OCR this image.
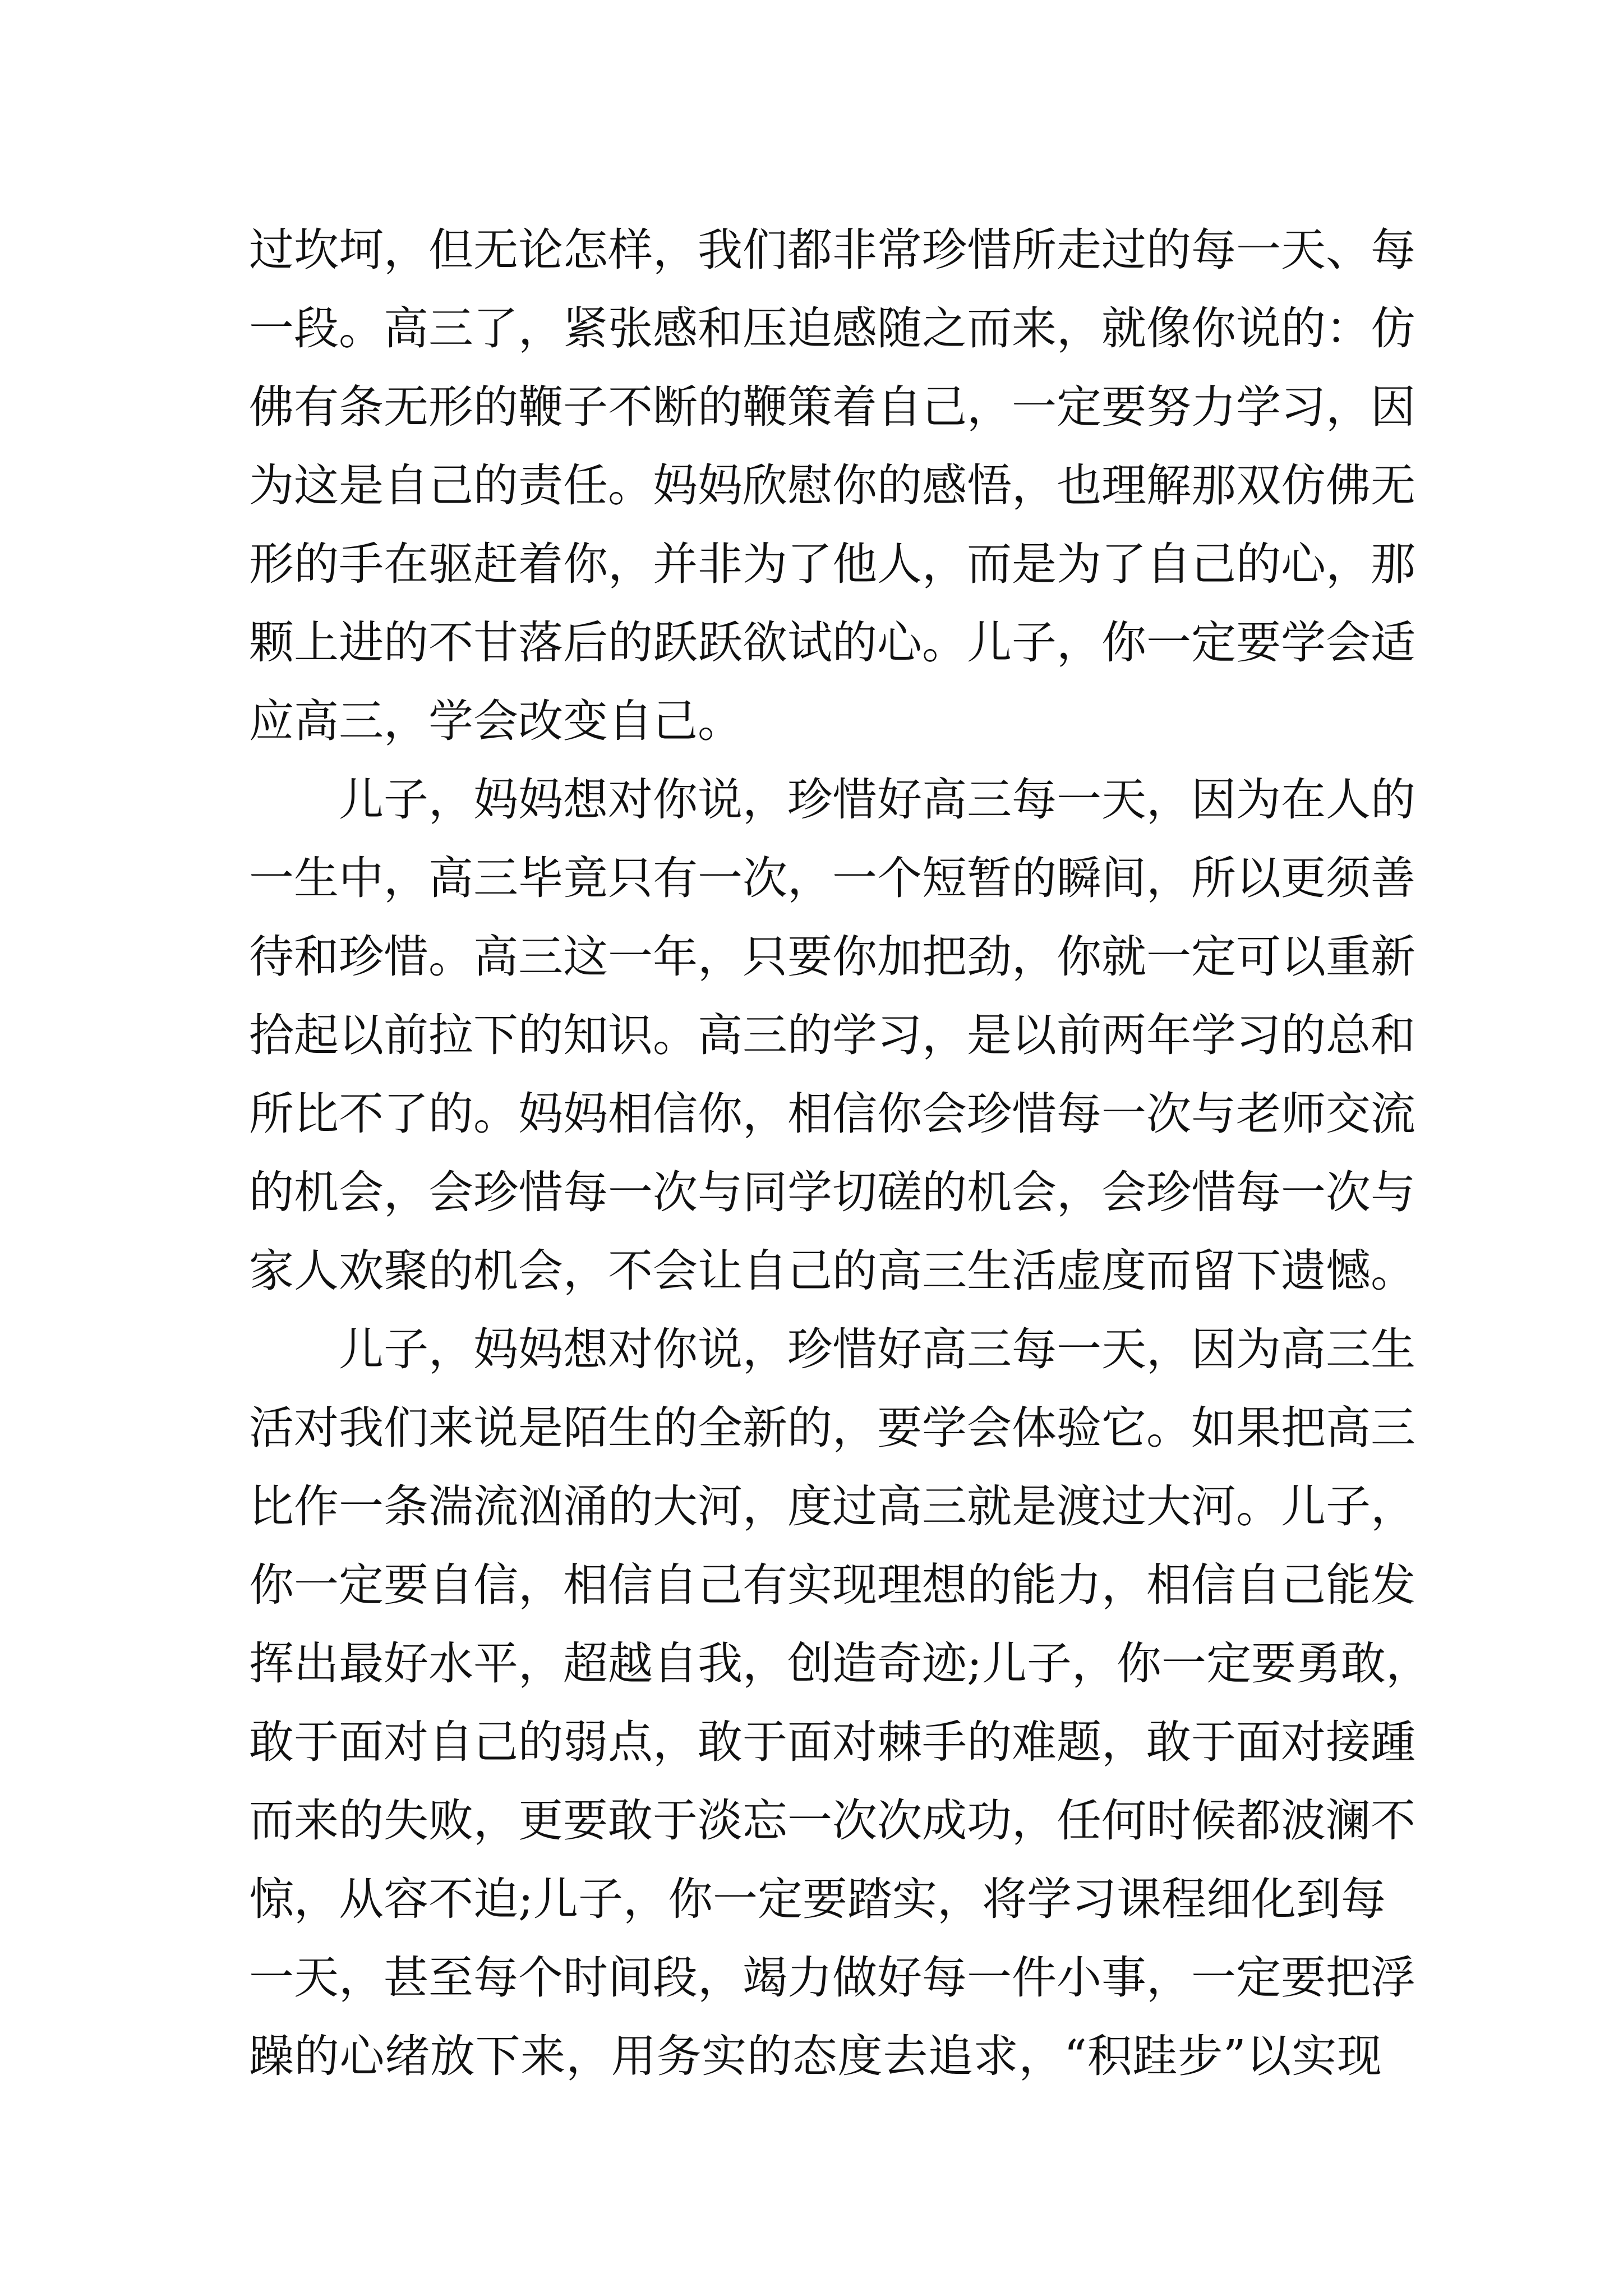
过坎坷，但无论怎样，我们都非常珍惜所走过的每一天、每
一段。高三了，紧张感和压迫感随之而来，就像你说的：仿
佛有条无形的鞭子不断的鞭策着自己，一定要努力学习，因
为这是自己的责任。妈妈欣慰你的感悟，也理解那双仿佛无
形的手在驱赶着你，并非为了他人，而是为了自己的心，那
颗上进的不甘落后的跃跃欲试的心。儿子，你一定要学会适
应高三，学会改变自己。
儿子，妈妈想对你说，珍惜好高三每一天，因为在人的
一生中，高三毕竟只有一次，一个短暂的瞬间，所以更须善
待和珍惜。高三这一年，只要你加把劲，你就一定可以重新
拾起以前拉下的知识。高三的学习，是以前两年学习的总和
所比不了的。妈妈相信你，相信你会珍惜每一次与老师交流
的机会，会珍惜每一次与同学切磋的机会，会珍惜每一次与
家人欢聚的机会，不会让自己的高三生活虚度而留下遗憾。
儿子，妈妈想对你说，珍惜好高三每一天，因为高三生
活对我们来说是陌生的全新的，要学会体验它。如果把高三
比作一条湍流汹涌的大河，度过高三就是渡过大河。儿子，
你一定要自信，相信自己有实现理想的能力，相信自己能发
挥出最好水平，超越自我，创造奇迹;儿子，你一定要勇敢，
敢于面对自己的弱点，敢于面对棘手的难题，敢于面对接踵
而来的失败，更要敢于淡忘一次次成功，任何时候都波澜不
惊，从容不迫;儿子，你一定要踏实，将学习课程细化到每
一天，甚至每个时间段，竭力做好每一件小事，一定要把浮
躁的心绪放下来，用务实的态度去追求，“积跬步”以实现
